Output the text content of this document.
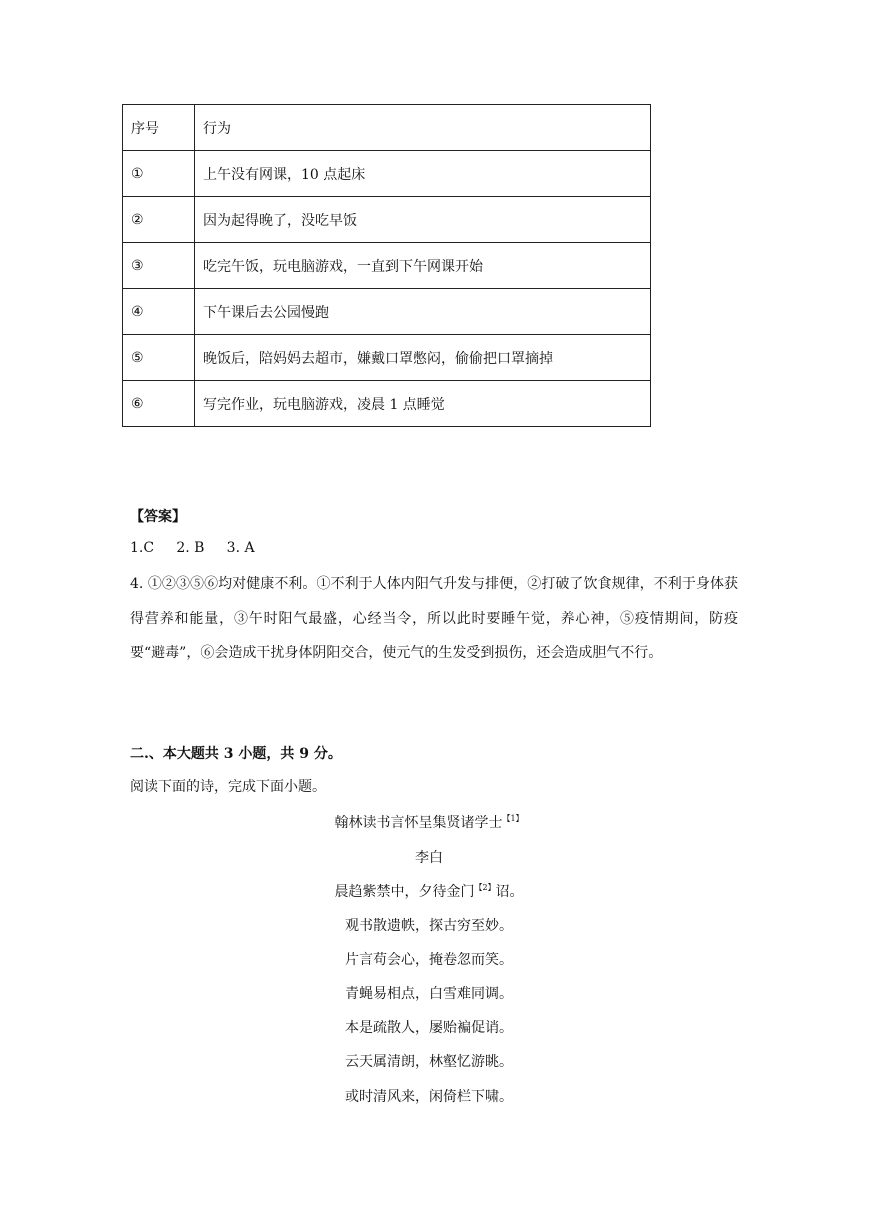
序号	行为
①	上午没有网课，10 点起床
②	因为起得晚了，没吃早饭
③	吃完午饭，玩电脑游戏，一直到下午网课开始
④	下午课后去公园慢跑
⑤	晚饭后，陪妈妈去超市，嫌戴口罩憋闷，偷偷把口罩摘掉
⑥	写完作业，玩电脑游戏，凌晨 1 点睡觉
【答案】
1.C     2. B     3. A

4. ①②③⑤⑥均对健康不利。①不利于人体内阳气升发与排便，②打破了饮食规律，不利于身体获得营养和能量，③午时阳气最盛，心经当令，所以此时要睡午觉，养心神，⑤疫情期间，防疫要“避毒”，⑥会造成干扰身体阴阳交合，使元气的生发受到损伤，还会造成胆气不行。

二.、本大题共 3 小题，共 9 分。
阅读下面的诗，完成下面小题。
翰林读书言怀呈集贤诸学士$^{【1】}$
李白
晨趋紫禁中，夕待金门$^{【2】}$诏。
观书散遗帙，探古穷至妙。
片言苟会心，掩卷忽而笑。
青蝇易相点，白雪难同调。
本是疏散人，屡贻褊促诮。
云天属清朗，林壑忆游眺。
或时清风来，闲倚栏下啸。
